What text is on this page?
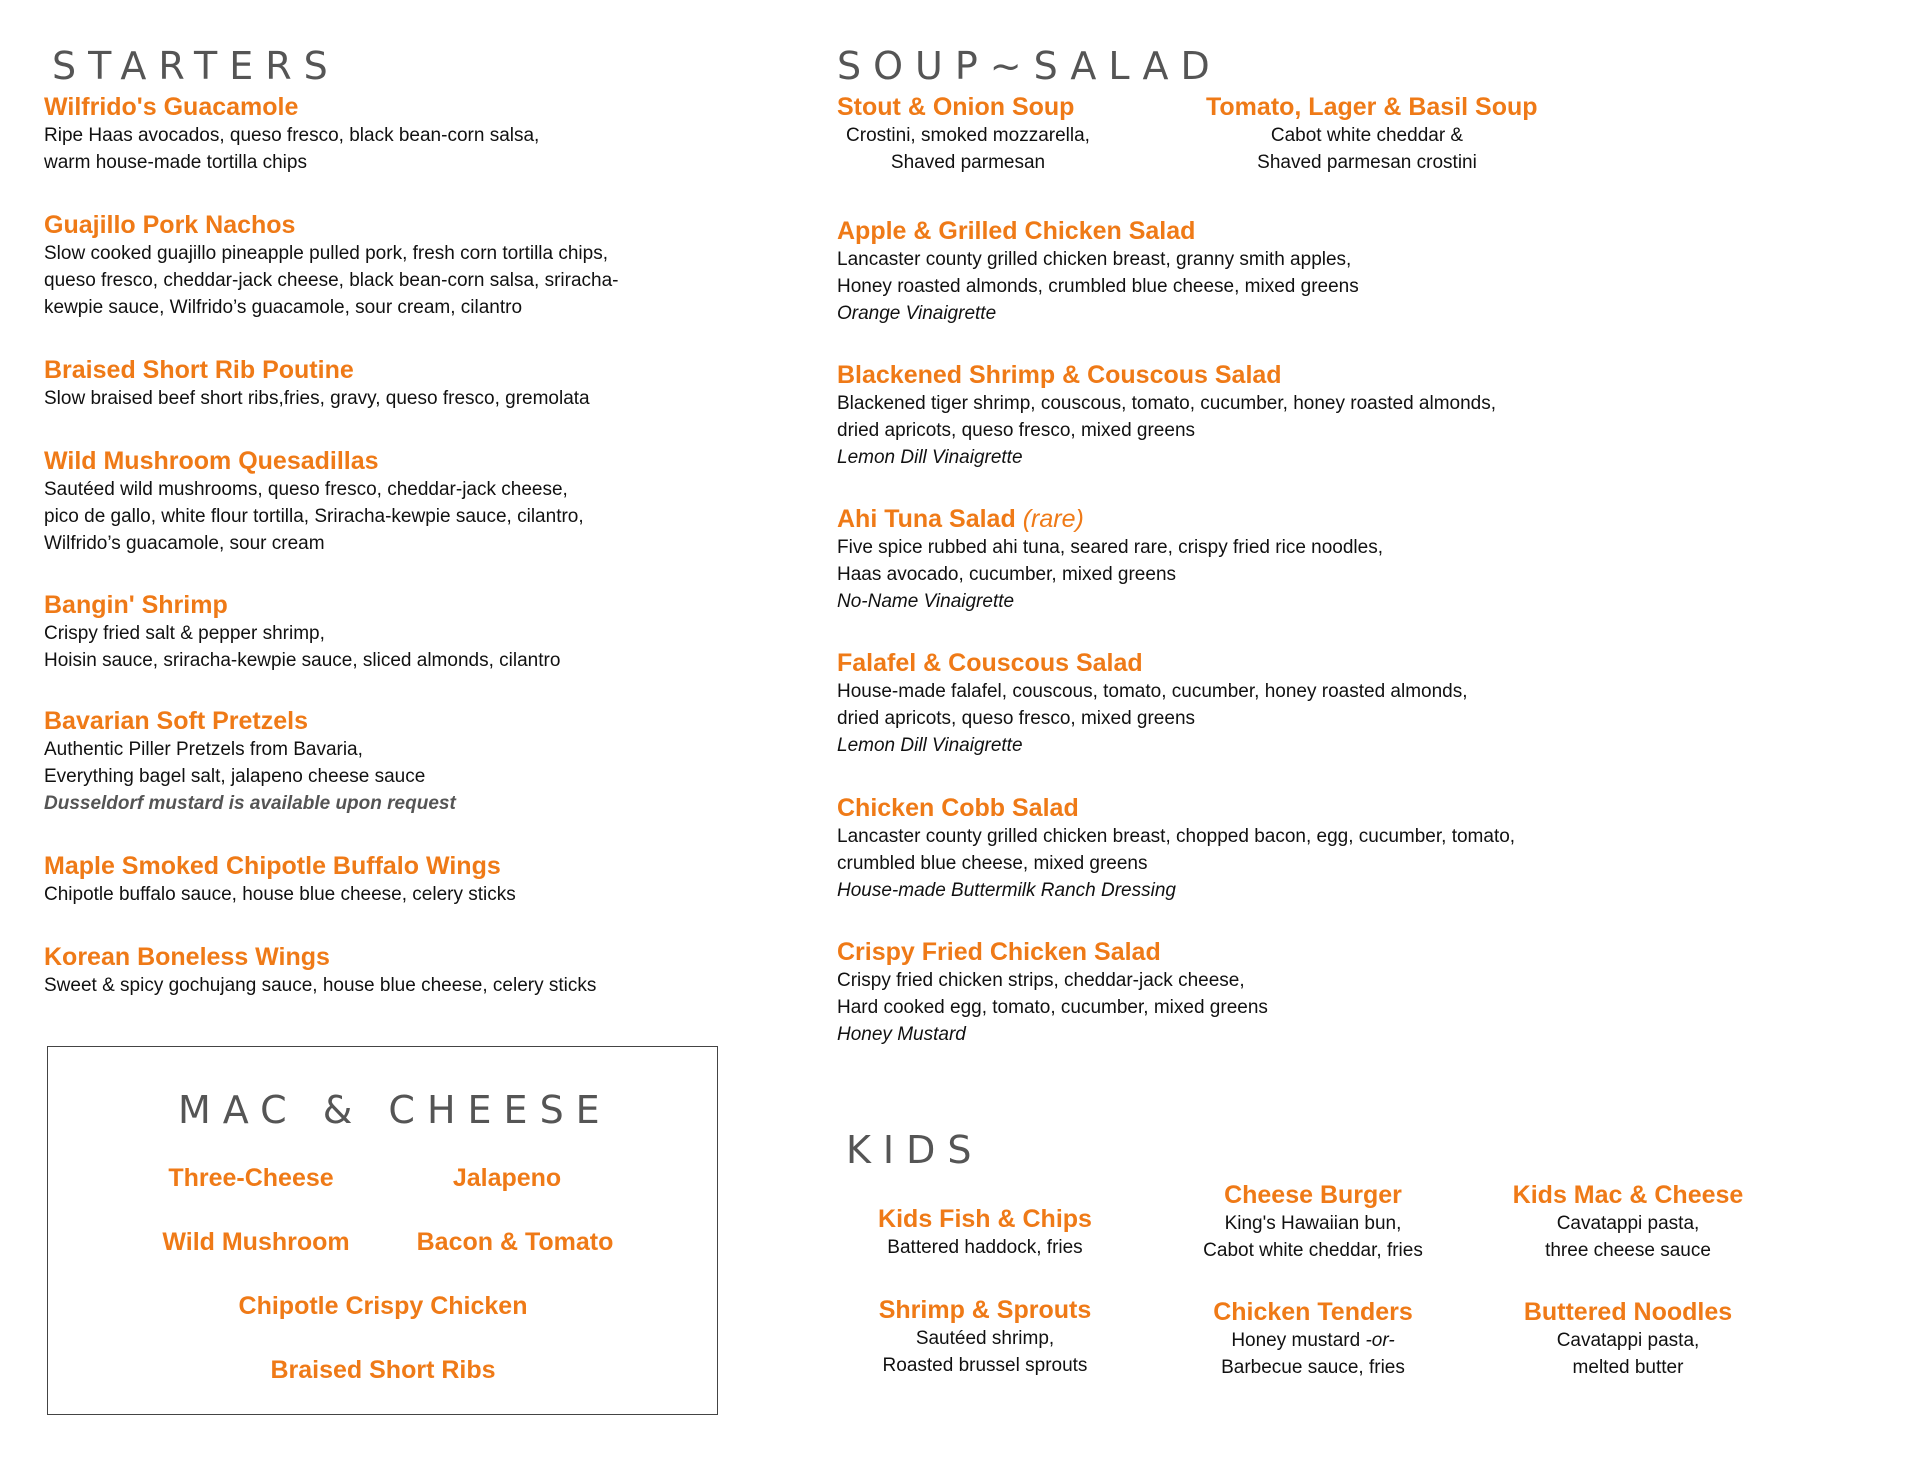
STARTERS
Wilfrido's Guacamole
Ripe Haas avocados, queso fresco, black bean-corn salsa,
warm house-made tortilla chips
Guajillo Pork Nachos
Slow cooked guajillo pineapple pulled pork, fresh corn tortilla chips,
queso fresco, cheddar-jack cheese, black bean-corn salsa, sriracha-
kewpie sauce, Wilfrido’s guacamole, sour cream, cilantro
Braised Short Rib Poutine
Slow braised beef short ribs,fries, gravy, queso fresco, gremolata
Wild Mushroom Quesadillas
Sautéed wild mushrooms, queso fresco, cheddar-jack cheese,
pico de gallo, white flour tortilla, Sriracha-kewpie sauce, cilantro,
Wilfrido’s guacamole, sour cream
Bangin' Shrimp
Crispy fried salt & pepper shrimp,
Hoisin sauce, sriracha-kewpie sauce, sliced almonds, cilantro
Bavarian Soft Pretzels
Authentic Piller Pretzels from Bavaria,
Everything bagel salt, jalapeno cheese sauce
Dusseldorf mustard is available upon request
Maple Smoked Chipotle Buffalo Wings
Chipotle buffalo sauce, house blue cheese, celery sticks
Korean Boneless Wings
Sweet & spicy gochujang sauce, house blue cheese, celery sticks
MAC & CHEESE
Three-Cheese	Jalapeno
Wild Mushroom	Bacon & Tomato
Chipotle Crispy Chicken
Braised Short Ribs
SOUP~SALAD
Stout & Onion Soup
Crostini, smoked mozzarella,
Shaved parmesan
Tomato, Lager & Basil Soup
Cabot white cheddar &
Shaved parmesan crostini
Apple & Grilled Chicken Salad
Lancaster county grilled chicken breast, granny smith apples,
Honey roasted almonds, crumbled blue cheese, mixed greens
Orange Vinaigrette
Blackened Shrimp & Couscous Salad
Blackened tiger shrimp, couscous, tomato, cucumber, honey roasted almonds,
dried apricots, queso fresco, mixed greens
Lemon Dill Vinaigrette
Ahi Tuna Salad (rare)
Five spice rubbed ahi tuna, seared rare, crispy fried rice noodles,
Haas avocado, cucumber, mixed greens
No-Name Vinaigrette
Falafel & Couscous Salad
House-made falafel, couscous, tomato, cucumber, honey roasted almonds,
dried apricots, queso fresco, mixed greens
Lemon Dill Vinaigrette
Chicken Cobb Salad
Lancaster county grilled chicken breast, chopped bacon, egg, cucumber, tomato,
crumbled blue cheese, mixed greens
House-made Buttermilk Ranch Dressing
Crispy Fried Chicken Salad
Crispy fried chicken strips, cheddar-jack cheese,
Hard cooked egg, tomato, cucumber, mixed greens
Honey Mustard
KIDS
Kids Fish & Chips
Battered haddock, fries
Cheese Burger
King's Hawaiian bun,
Cabot white cheddar, fries
Kids Mac & Cheese
Cavatappi pasta,
three cheese sauce
Shrimp & Sprouts
Sautéed shrimp,
Roasted brussel sprouts
Chicken Tenders
Honey mustard -or-
Barbecue sauce, fries
Buttered Noodles
Cavatappi pasta,
melted butter
